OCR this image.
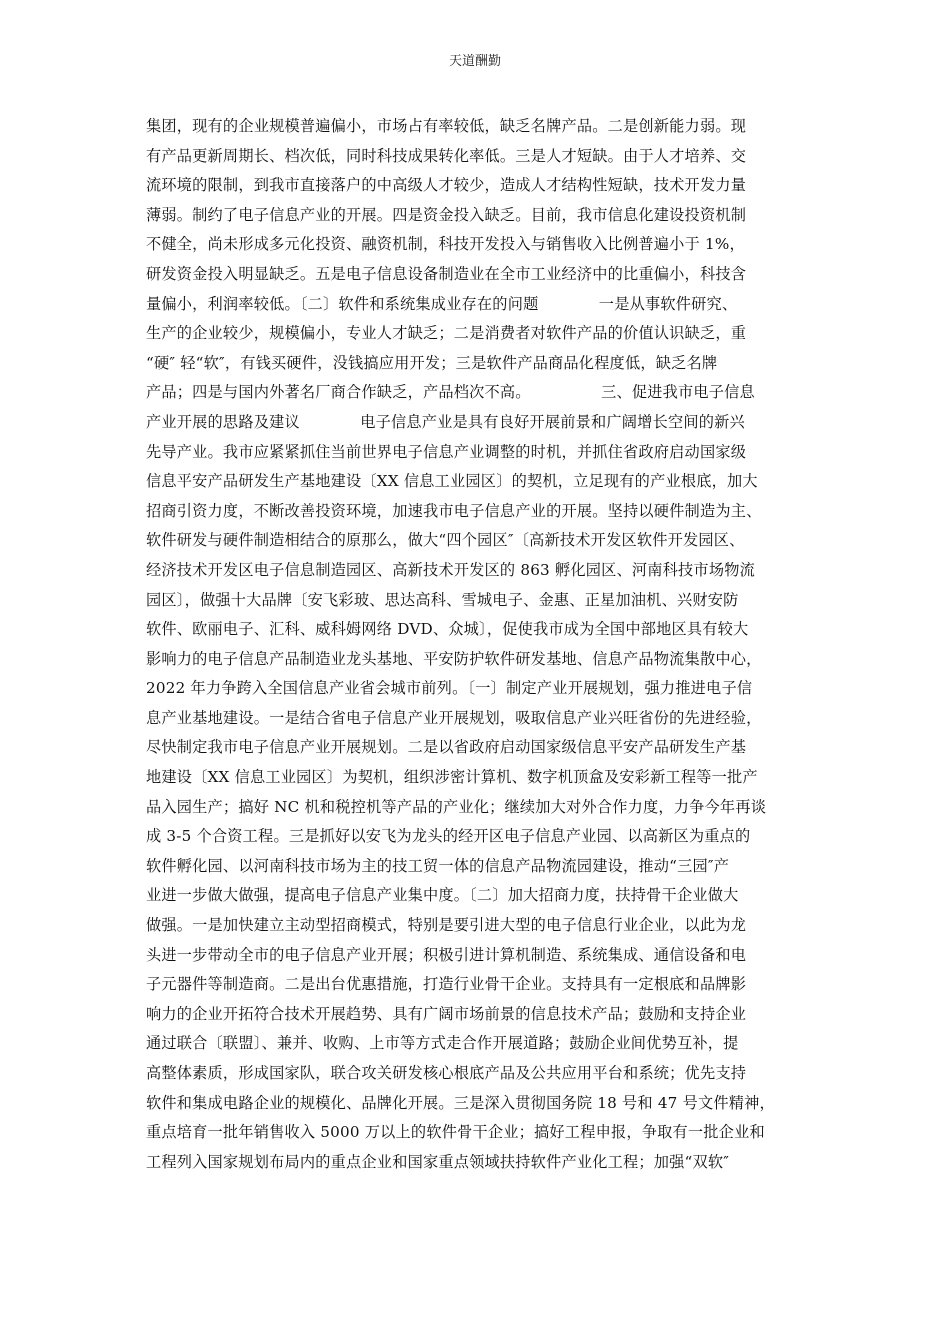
天道酬勤
集团，现有的企业规模普遍偏小，市场占有率较低，缺乏名牌产品。二是创新能力弱。现
有产品更新周期长、档次低，同时科技成果转化率低。三是人才短缺。由于人才培养、交
流环境的限制，到我市直接落户的中高级人才较少，造成人才结构性短缺，技术开发力量
薄弱。制约了电子信息产业的开展。四是资金投入缺乏。目前，我市信息化建设投资机制
不健全，尚未形成多元化投资、融资机制，科技开发投入与销售收入比例普遍小于 1%，
研发资金投入明显缺乏。五是电子信息设备制造业在全市工业经济中的比重偏小，科技含
量偏小，利润率较低。〔二〕软件和系统集成业存在的问题            一是从事软件研究、
生产的企业较少，规模偏小，专业人才缺乏；二是消费者对软件产品的价值认识缺乏，重
“硬″ 轻“软″，有钱买硬件，没钱搞应用开发；三是软件产品商品化程度低，缺乏名牌
产品；四是与国内外著名厂商合作缺乏，产品档次不高。              三、促进我市电子信息
产业开展的思路及建议            电子信息产业是具有良好开展前景和广阔增长空间的新兴
先导产业。我市应紧紧抓住当前世界电子信息产业调整的时机，并抓住省政府启动国家级
信息平安产品研发生产基地建设〔XX 信息工业园区〕的契机，立足现有的产业根底，加大
招商引资力度，不断改善投资环境，加速我市电子信息产业的开展。坚持以硬件制造为主、
软件研发与硬件制造相结合的原那么，做大“四个园区″〔高新技术开发区软件开发园区、
经济技术开发区电子信息制造园区、高新技术开发区的 863 孵化园区、河南科技市场物流
园区〕，做强十大品牌〔安飞彩玻、思达高科、雪城电子、金惠、正星加油机、兴财安防
软件、欧丽电子、汇科、威科姆网络 DVD、众城〕，促使我市成为全国中部地区具有较大
影响力的电子信息产品制造业龙头基地、平安防护软件研发基地、信息产品物流集散中心，
2022 年力争跨入全国信息产业省会城市前列。〔一〕制定产业开展规划，强力推进电子信
息产业基地建设。一是结合省电子信息产业开展规划，吸取信息产业兴旺省份的先进经验，
尽快制定我市电子信息产业开展规划。二是以省政府启动国家级信息平安产品研发生产基
地建设〔XX 信息工业园区〕为契机，组织涉密计算机、数字机顶盒及安彩新工程等一批产
品入园生产；搞好 NC 机和税控机等产品的产业化；继续加大对外合作力度，力争今年再谈
成 3-5 个合资工程。三是抓好以安飞为龙头的经开区电子信息产业园、以高新区为重点的
软件孵化园、以河南科技市场为主的技工贸一体的信息产品物流园建设，推动“三园″产
业进一步做大做强，提高电子信息产业集中度。〔二〕加大招商力度，扶持骨干企业做大
做强。一是加快建立主动型招商模式，特别是要引进大型的电子信息行业企业，以此为龙
头进一步带动全市的电子信息产业开展；积极引进计算机制造、系统集成、通信设备和电
子元器件等制造商。二是出台优惠措施，打造行业骨干企业。支持具有一定根底和品牌影
响力的企业开拓符合技术开展趋势、具有广阔市场前景的信息技术产品；鼓励和支持企业
通过联合〔联盟〕、兼并、收购、上市等方式走合作开展道路；鼓励企业间优势互补，提
高整体素质，形成国家队，联合攻关研发核心根底产品及公共应用平台和系统；优先支持
软件和集成电路企业的规模化、品牌化开展。三是深入贯彻国务院 18 号和 47 号文件精神，
重点培育一批年销售收入 5000 万以上的软件骨干企业；搞好工程申报，争取有一批企业和
工程列入国家规划布局内的重点企业和国家重点领域扶持软件产业化工程；加强“双软″
